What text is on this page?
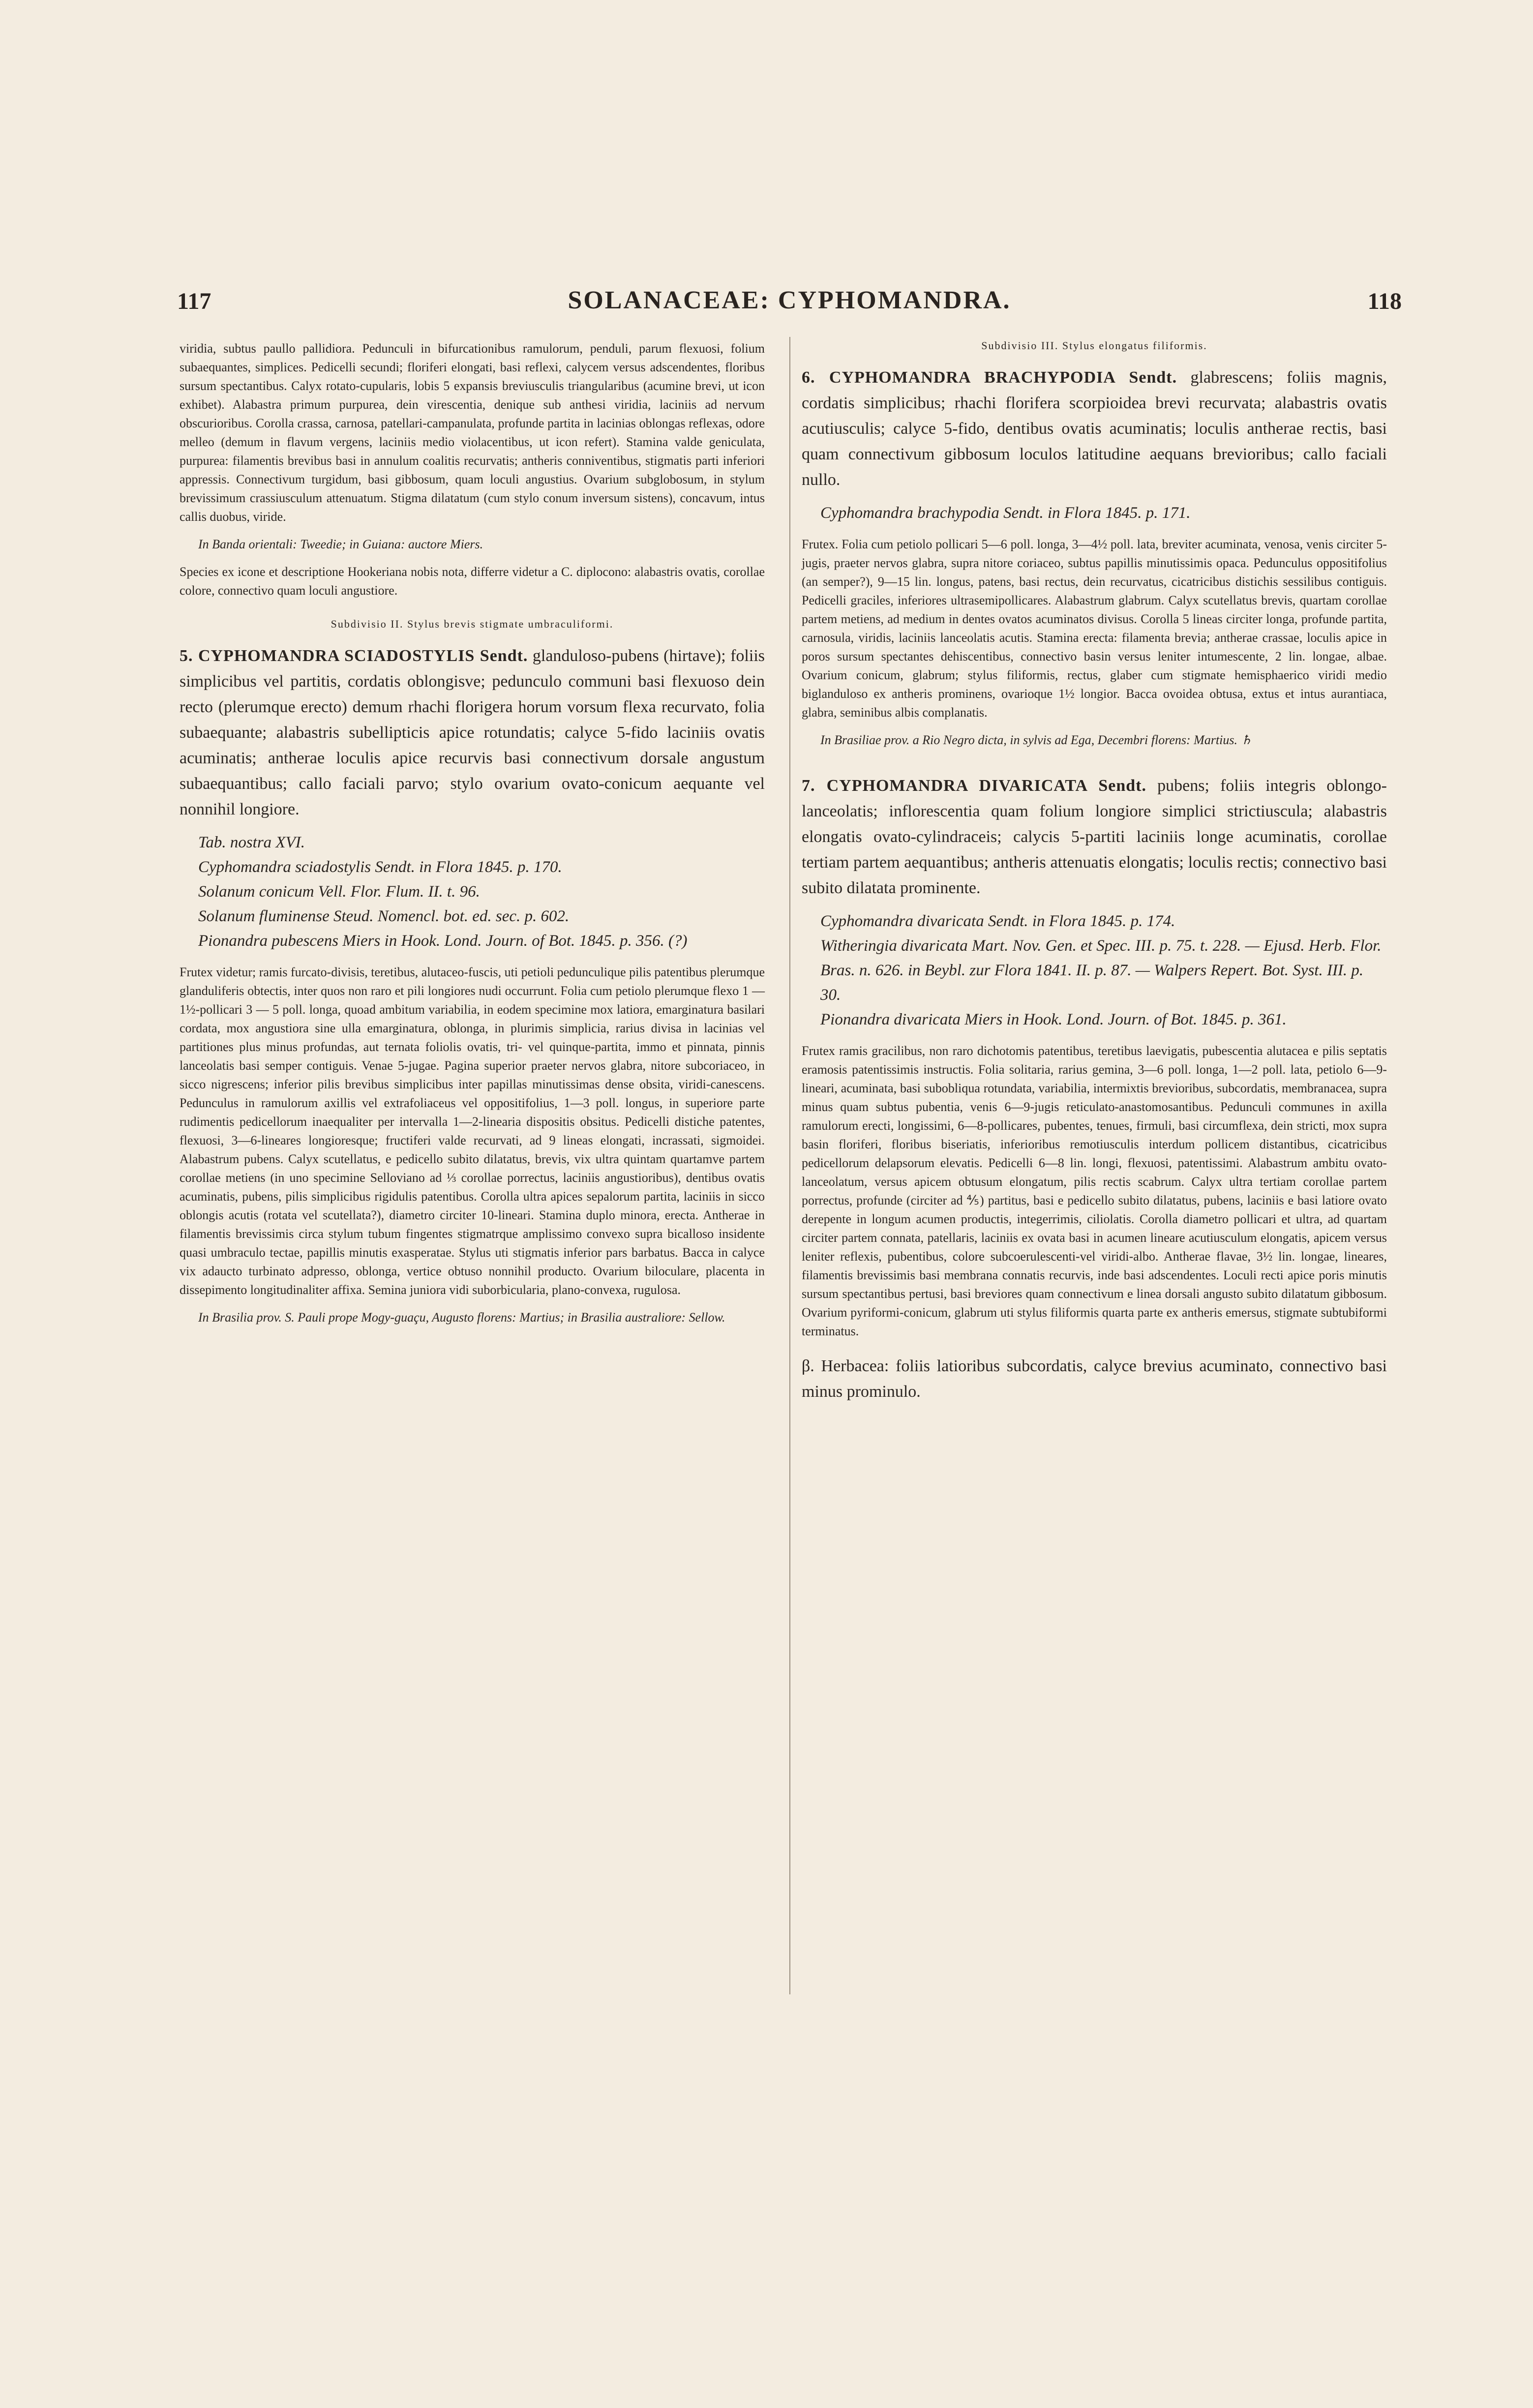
117	SOLANACEAE: CYPHOMANDRA.	118

viridia, subtus paullo pallidiora. Pedunculi in bifurcationibus ramulorum, penduli, parum flexuosi, folium subaequantes, simplices. Pedicelli secundi; floriferi elongati, basi reflexi, calycem versus adscendentes, floribus sursum spectantibus. Calyx rotato-cupularis, lobis 5 expansis breviusculis triangularibus (acumine brevi, ut icon exhibet). Alabastra primum purpurea, dein virescentia, denique sub anthesi viridia, laciniis ad nervum obscurioribus. Corolla crassa, carnosa, patellari-campanulata, profunde partita in lacinias oblongas reflexas, odore melleo (demum in flavum vergens, laciniis medio violacentibus, ut icon refert). Stamina valde geniculata, purpurea: filamentis brevibus basi in annulum coalitis recurvatis; antheris conniventibus, stigmatis parti inferiori appressis. Connectivum turgidum, basi gibbosum, quam loculi angustius. Ovarium subglobosum, in stylum brevissimum crassiusculum attenuatum. Stigma dilatatum (cum stylo conum inversum sistens), concavum, intus callis duobus, viride.

In Banda orientali: Tweedie; in Guiana: auctore Miers.

Species ex icone et descriptione Hookeriana nobis nota, differre videtur a C. diplocono: alabastris ovatis, corollae colore, connectivo quam loculi angustiore.

Subdivisio II. Stylus brevis stigmate umbraculiformi.

5. CYPHOMANDRA SCIADOSTYLIS Sendt. glanduloso-pubens (hirtave); foliis simplicibus vel partitis, cordatis oblongisve; pedunculo communi basi flexuoso dein recto (plerumque erecto) demum rhachi florigera horum vorsum flexa recurvato, folia subaequante; alabastris subellipticis apice rotundatis; calyce 5-fido laciniis ovatis acuminatis; antherae loculis apice recurvis basi connectivum dorsale angustum subaequantibus; callo faciali parvo; stylo ovarium ovato-conicum aequante vel nonnihil longiore.

Tab. nostra XVI.
Cyphomandra sciadostylis Sendt. in Flora 1845. p. 170.
Solanum conicum Vell. Flor. Flum. II. t. 96.
Solanum fluminense Steud. Nomencl. bot. ed. sec. p. 602.
Pionandra pubescens Miers in Hook. Lond. Journ. of Bot. 1845. p. 356. (?)

Frutex videtur; ramis furcato-divisis, teretibus, alutaceo-fuscis, uti petioli pedunculique pilis patentibus plerumque glanduliferis obtectis, inter quos non raro et pili longiores nudi occurrunt. Folia cum petiolo plerumque flexo 1 — 1½-pollicari 3 — 5 poll. longa, quoad ambitum variabilia, in eodem specimine mox latiora, emarginatura basilari cordata, mox angustiora sine ulla emarginatura, oblonga, in plurimis simplicia, rarius divisa in lacinias vel partitiones plus minus profundas, aut ternata foliolis ovatis, tri- vel quinque-partita, immo et pinnata, pinnis lanceolatis basi semper contiguis. Venae 5-jugae. Pagina superior praeter nervos glabra, nitore subcoriaceo, in sicco nigrescens; inferior pilis brevibus simplicibus inter papillas minutissimas dense obsita, viridi-canescens. Pedunculus in ramulorum axillis vel extrafoliaceus vel oppositifolius, 1—3 poll. longus, in superiore parte rudimentis pedicellorum inaequaliter per intervalla 1—2-linearia dispositis obsitus. Pedicelli distiche patentes, flexuosi, 3—6-lineares longioresque; fructiferi valde recurvati, ad 9 lineas elongati, incrassati, sigmoidei. Alabastrum pubens. Calyx scutellatus, e pedicello subito dilatatus, brevis, vix ultra quintam quartamve partem corollae metiens (in uno specimine Selloviano ad ⅓ corollae porrectus, laciniis angustioribus), dentibus ovatis acuminatis, pubens, pilis simplicibus rigidulis patentibus. Corolla ultra apices sepalorum partita, laciniis in sicco oblongis acutis (rotata vel scutellata?), diametro circiter 10-lineari. Stamina duplo minora, erecta. Antherae in filamentis brevissimis circa stylum tubum fingentes stigmatrque amplissimo convexo supra bicalloso insidente quasi umbraculo tectae, papillis minutis exasperatae. Stylus uti stigmatis inferior pars barbatus. Bacca in calyce vix adaucto turbinato adpresso, oblonga, vertice obtuso nonnihil producto. Ovarium biloculare, placenta in dissepimento longitudinaliter affixa. Semina juniora vidi suborbicularia, plano-convexa, rugulosa.

In Brasilia prov. S. Pauli prope Mogy-guaçu, Augusto florens: Martius; in Brasilia australiore: Sellow.

Subdivisio III. Stylus elongatus filiformis.

6. CYPHOMANDRA BRACHYPODIA Sendt. glabrescens; foliis magnis, cordatis simplicibus; rhachi florifera scorpioidea brevi recurvata; alabastris ovatis acutiusculis; calyce 5-fido, dentibus ovatis acuminatis; loculis antherae rectis, basi quam connectivum gibbosum loculos latitudine aequans brevioribus; callo faciali nullo.

Cyphomandra brachypodia Sendt. in Flora 1845. p. 171.

Frutex. Folia cum petiolo pollicari 5—6 poll. longa, 3—4½ poll. lata, breviter acuminata, venosa, venis circiter 5-jugis, praeter nervos glabra, supra nitore coriaceo, subtus papillis minutissimis opaca. Pedunculus oppositifolius (an semper?), 9—15 lin. longus, patens, basi rectus, dein recurvatus, cicatricibus distichis sessilibus contiguis. Pedicelli graciles, inferiores ultrasemipollicares. Alabastrum glabrum. Calyx scutellatus brevis, quartam corollae partem metiens, ad medium in dentes ovatos acuminatos divisus. Corolla 5 lineas circiter longa, profunde partita, carnosula, viridis, laciniis lanceolatis acutis. Stamina erecta: filamenta brevia; antherae crassae, loculis apice in poros sursum spectantes dehiscentibus, connectivo basin versus leniter intumescente, 2 lin. longae, albae. Ovarium conicum, glabrum; stylus filiformis, rectus, glaber cum stigmate hemisphaerico viridi medio biglanduloso ex antheris prominens, ovarioque 1½ longior. Bacca ovoidea obtusa, extus et intus aurantiaca, glabra, seminibus albis complanatis.

In Brasiliae prov. a Rio Negro dicta, in sylvis ad Ega, Decembri florens: Martius. ♄

7. CYPHOMANDRA DIVARICATA Sendt. pubens; foliis integris oblongo-lanceolatis; inflorescentia quam folium longiore simplici strictiuscula; alabastris elongatis ovato-cylindraceis; calycis 5-partiti laciniis longe acuminatis, corollae tertiam partem aequantibus; antheris attenuatis elongatis; loculis rectis; connectivo basi subito dilatata prominente.

Cyphomandra divaricata Sendt. in Flora 1845. p. 174.
Witheringia divaricata Mart. Nov. Gen. et Spec. III. p. 75. t. 228. — Ejusd. Herb. Flor. Bras. n. 626. in Beybl. zur Flora 1841. II. p. 87. — Walpers Repert. Bot. Syst. III. p. 30.
Pionandra divaricata Miers in Hook. Lond. Journ. of Bot. 1845. p. 361.

Frutex ramis gracilibus, non raro dichotomis patentibus, teretibus laevigatis, pubescentia alutacea e pilis septatis eramosis patentissimis instructis. Folia solitaria, rarius gemina, 3—6 poll. longa, 1—2 poll. lata, petiolo 6—9-lineari, acuminata, basi subobliqua rotundata, variabilia, intermixtis brevioribus, subcordatis, membranacea, supra minus quam subtus pubentia, venis 6—9-jugis reticulato-anastomosantibus. Pedunculi communes in axilla ramulorum erecti, longissimi, 6—8-pollicares, pubentes, tenues, firmuli, basi circumflexa, dein stricti, mox supra basin floriferi, floribus biseriatis, inferioribus remotiusculis interdum pollicem distantibus, cicatricibus pedicellorum delapsorum elevatis. Pedicelli 6—8 lin. longi, flexuosi, patentissimi. Alabastrum ambitu ovato-lanceolatum, versus apicem obtusum elongatum, pilis rectis scabrum. Calyx ultra tertiam corollae partem porrectus, profunde (circiter ad ⅘) partitus, basi e pedicello subito dilatatus, pubens, laciniis e basi latiore ovato derepente in longum acumen productis, integerrimis, ciliolatis. Corolla diametro pollicari et ultra, ad quartam circiter partem connata, patellaris, laciniis ex ovata basi in acumen lineare acutiusculum elongatis, apicem versus leniter reflexis, pubentibus, colore subcoerulescenti-vel viridi-albo. Antherae flavae, 3½ lin. longae, lineares, filamentis brevissimis basi membrana connatis recurvis, inde basi adscendentes. Loculi recti apice poris minutis sursum spectantibus pertusi, basi breviores quam connectivum e linea dorsali angusto subito dilatatum gibbosum. Ovarium pyriformi-conicum, glabrum uti stylus filiformis quarta parte ex antheris emersus, stigmate subtubiformi terminatus.

β. Herbacea: foliis latioribus subcordatis, calyce brevius acuminato, connectivo basi minus prominulo.
